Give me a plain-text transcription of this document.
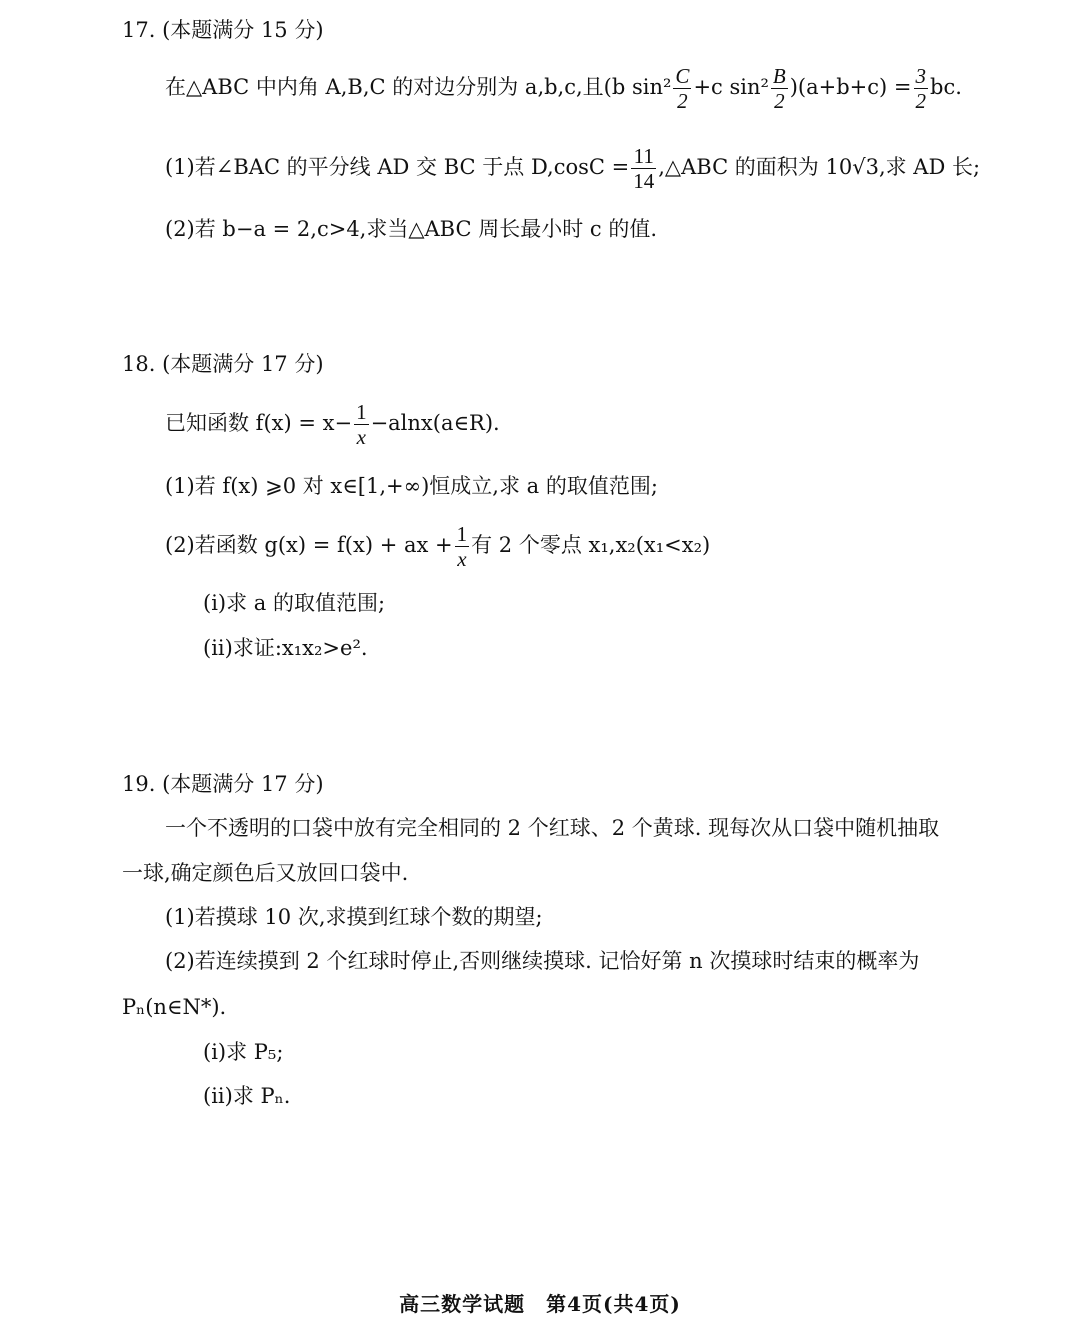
17. (本题满分 15 分)
在△ABC 中内角 A,B,C 的对边分别为 a,b,c,且(b $\sin^2 \frac{C}{2} +c$ $\sin^2 \frac{B}{2} )(a+b+c) = \frac{3}{2}$ bc.
(1)若∠BAC 的平分线 AD 交 BC 于点 $D,\cos C = \frac{11}{14}$ ,△ABC 的面积为 10√3,求 AD 长;
(2)若 b−a = 2,c>4,求当△ABC 周长最小时 c 的值.
18. (本题满分 17 分)
已知函数 $f(x) = x- \frac{1}{x}$ −alnx(a∈R).
(1)若 f(x) ⩾0 对 x∈[1,+∞)恒成立,求 a 的取值范围;
(2)若函数 g(x) = f(x) + ax + $\frac{1}{x}$ 有 2 个零点 x₁,x₂(x₁<x₂)
(i)求 a 的取值范围;
(ii)求证:x₁x₂>e².
19. (本题满分 17 分)
一个不透明的口袋中放有完全相同的 2 个红球、2 个黄球. 现每次从口袋中随机抽取
一球,确定颜色后又放回口袋中.
(1)若摸球 10 次,求摸到红球个数的期望;
(2)若连续摸到 2 个红球时停止,否则继续摸球. 记恰好第 n 次摸球时结束的概率为
Pₙ(n∈N*).
(i)求 P₅;
(ii)求 Pₙ.
高三数学试题　第4页(共4页)
